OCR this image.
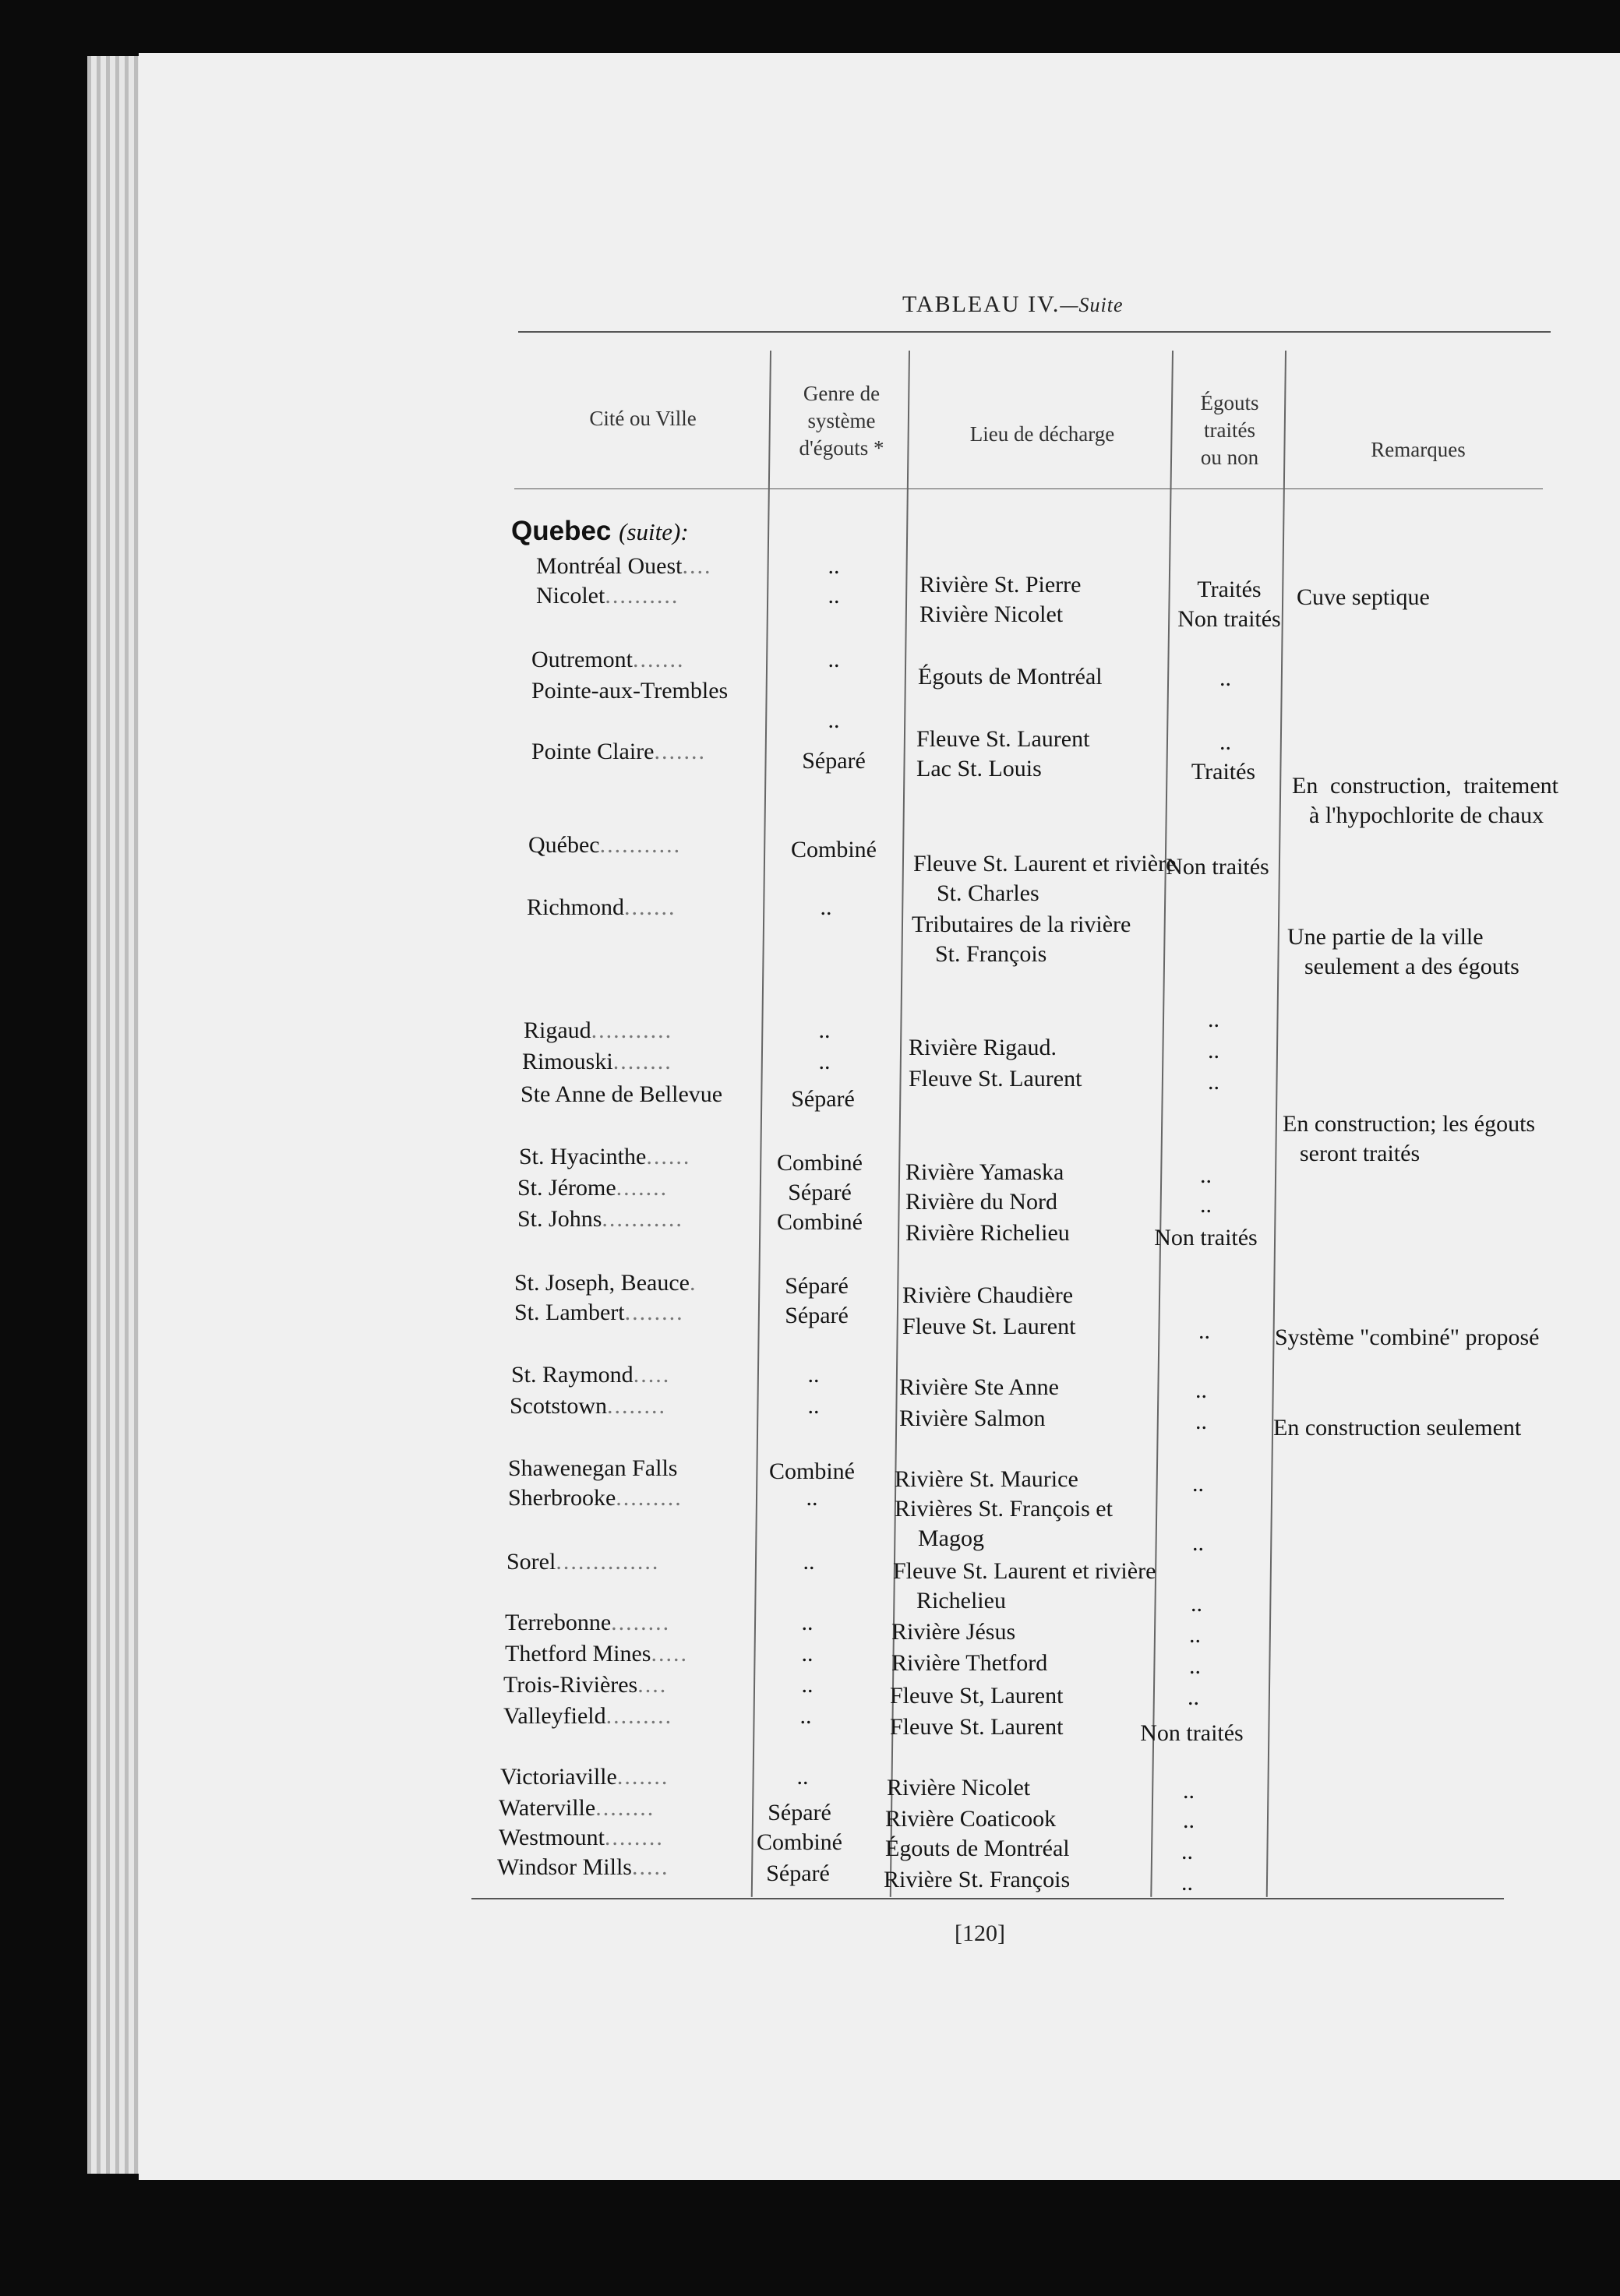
TABLEAU IV.—Suite
Cité ou Ville
Genre de
système
d'égouts *
Lieu de décharge
Égouts
traités
ou non	Remarques
Quebec (suite):
Montréal Ouest....
Nicolet..........
Outremont.......
Pointe-aux-Trembles
Pointe Claire.......
Québec...........
Richmond.......
Rigaud...........
Rimouski........
Ste Anne de Bellevue
St. Hyacinthe......
St. Jérome.......
St. Johns...........
St. Joseph, Beauce.
St. Lambert........
St. Raymond.....
Scotstown........
Shawenegan Falls
Sherbrooke.........
Sorel..............
Terrebonne........
Thetford Mines.....
Trois-Rivières....
Valleyfield.........
Victoriaville.......
Waterville........
Westmount........
Windsor Mills.....
..
..
..
..
Séparé
Combiné
..
..
..
Séparé
Combiné
Séparé
Combiné
Séparé
Séparé
..
..
Combiné
..
..
..
..
..
..
..
Séparé
Combiné
Séparé
Rivière St. Pierre
Rivière Nicolet
Égouts de Montréal
Fleuve St. Laurent
Lac St. Louis
Fleuve St. Laurent et rivière St. Charles
Tributaires de la rivière St. François
Rivière Rigaud.
Fleuve St. Laurent
Rivière Yamaska
Rivière du Nord
Rivière Richelieu
Rivière Chaudière
Fleuve St. Laurent
Rivière Ste Anne
Rivière Salmon
Rivière St. Maurice
Rivières St. François et Magog
Fleuve St. Laurent et rivière Richelieu
Rivière Jésus
Rivière Thetford
Fleuve St, Laurent
Fleuve St. Laurent
Rivière Nicolet
Rivière Coaticook
Égouts de Montréal
Rivière St. François
Traités
Non traités
..
..
Traités
Non traités
..
..
..
..
..
Non traités
..
..
..
..
..
..
..
..
..
Non traités
..
..
..
..
Cuve septique
En construction, traitement à l'hypochlorite de chaux
Une partie de la ville seulement a des égouts
En construction; les égouts seront traités
Système "combiné" proposé
En construction seulement
[120]
